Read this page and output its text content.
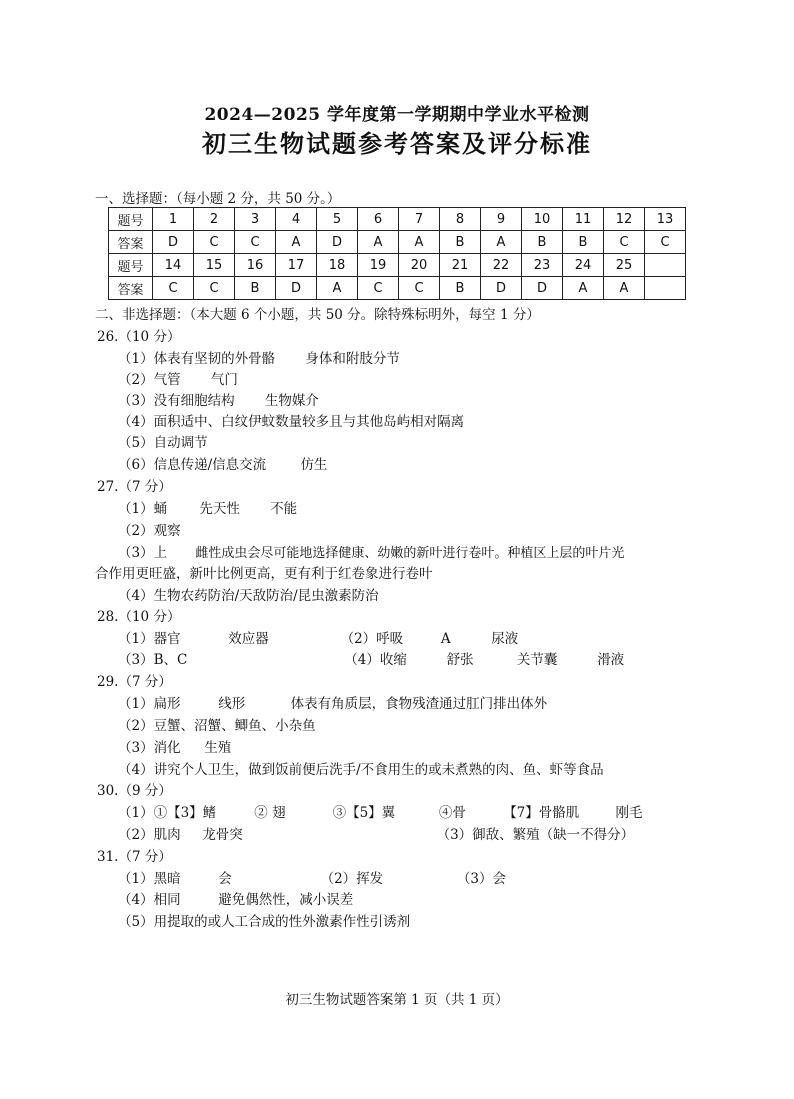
2024—2025 学年度第一学期期中学业水平检测
初三生物试题参考答案及评分标准
一、选择题：（每小题 2 分，共 50 分。）
题号	1	2	3	4	5	6	7	8	9	10	11	12	13
答案	D	C	C	A	D	A	A	B	A	B	B	C	C
题号	14	15	16	17	18	19	20	21	22	23	24	25	
答案	C	C	B	D	A	C	C	B	D	D	A	A	
二、非选择题：（本大题 6 个小题，共 50 分。除特殊标明外，每空 1 分）
26.（10 分）
（1）体表有坚韧的外骨骼 身体和附肢分节
（2）气管 气门
（3）没有细胞结构 生物媒介
（4）面积适中、白纹伊蚊数量较多且与其他岛屿相对隔离
（5）自动调节
（6）信息传递/信息交流	仿生
27.（7 分）
（1）蛹 先天性 不能
（2）观察
（3）上 雌性成虫会尽可能地选择健康、幼嫩的新叶进行卷叶。种植区上层的叶片光
合作用更旺盛，新叶比例更高，更有利于红卷象进行卷叶
（4）生物农药防治/天敌防治/昆虫激素防治
28.（10 分）
（1）器官	效应器	（2）呼吸	A	尿液
（3）B、C	（4）收缩	舒张	关节囊	滑液
29.（7 分）
（1）扁形	线形	体表有角质层，食物残渣通过肛门排出体外
（2）豆蟹、沼蟹、鲫鱼、小杂鱼
（3）消化 生殖
（4）讲究个人卫生，做到饭前便后洗手/不食用生的或未煮熟的肉、鱼、虾等食品
30.（9 分）
（1）①【3】鳍	② 翅	③【5】翼	④骨	【7】骨骼肌	刚毛
（2）肌肉 龙骨突	（3）御敌、繁殖（缺一不得分）
31.（7 分）
（1）黑暗	会	（2）挥发	（3）会
（4）相同	避免偶然性，减小误差
（5）用提取的或人工合成的性外激素作性引诱剂
初三生物试题答案第 1 页（共 1 页）
